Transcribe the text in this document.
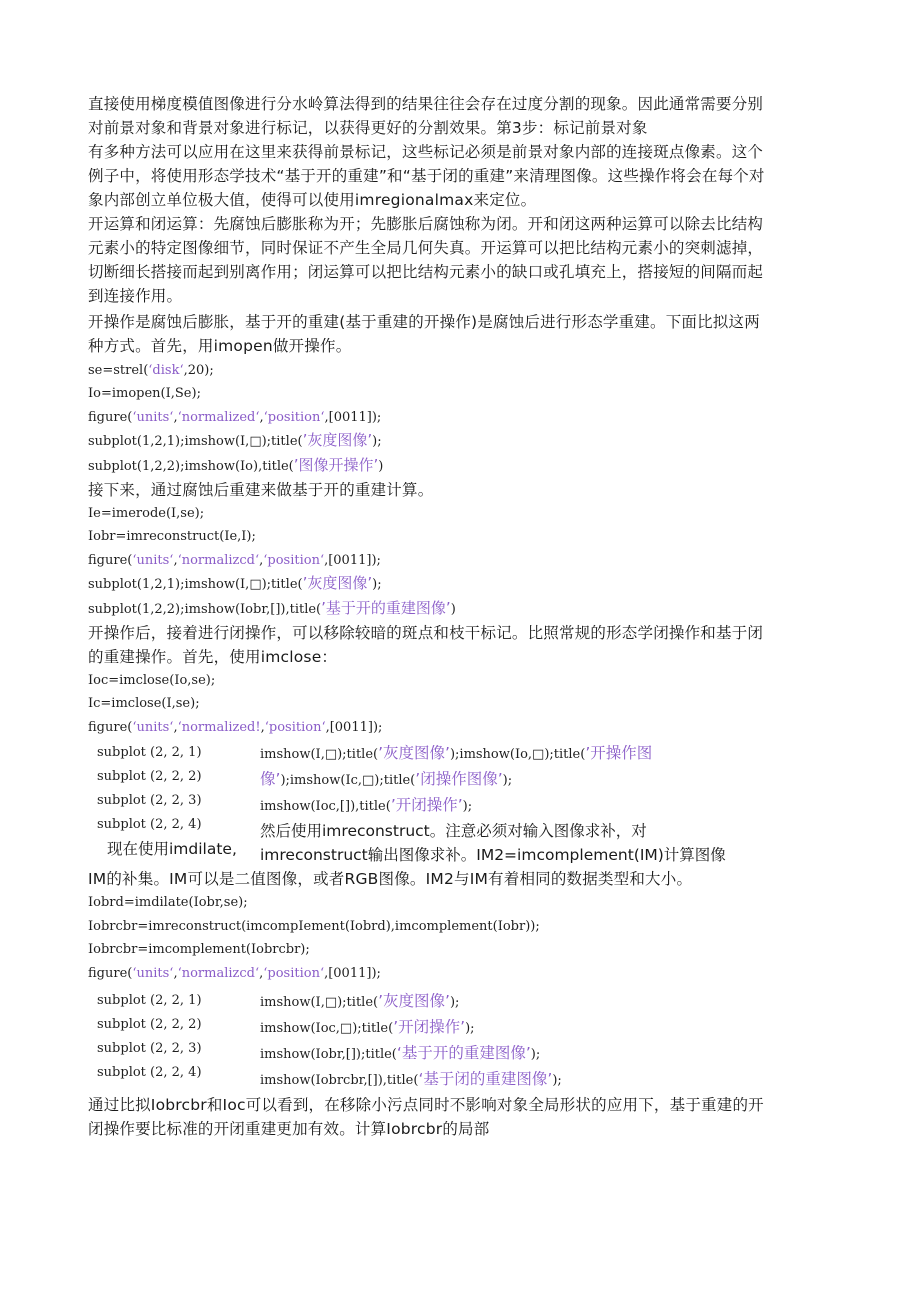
直接使用梯度模值图像进行分水岭算法得到的结果往往会存在过度分割的现象。因此通常需要分别对前景对象和背景对象进行标记，以获得更好的分割效果。第3步：标记前景对象

有多种方法可以应用在这里来获得前景标记，这些标记必须是前景对象内部的连接斑点像素。这个例子中，将使用形态学技术“基于开的重建”和“基于闭的重建”来清理图像。这些操作将会在每个对象内部创立单位极大值，使得可以使用imregionalmax来定位。

开运算和闭运算：先腐蚀后膨胀称为开；先膨胀后腐蚀称为闭。开和闭这两种运算可以除去比结构元素小的特定图像细节，同时保证不产生全局几何失真。开运算可以把比结构元素小的突刺滤掉，切断细长搭接而起到别离作用；闭运算可以把比结构元素小的缺口或孔填充上，搭接短的间隔而起到连接作用。

开操作是腐蚀后膨胀，基于开的重建(基于重建的开操作)是腐蚀后进行形态学重建。下面比拟这两种方式。首先，用imopen做开操作。

se=strel(‘disk‘,20);
Io=imopen(I,Se);
figure(‘units‘,‘normalized‘,‘position‘,[0011]);
subplot(1,2,1);imshow(I,□);title(’灰度图像’);
subplot(1,2,2);imshow(Io),title(’图像开操作’)

接下来，通过腐蚀后重建来做基于开的重建计算。

Ie=imerode(I,se);
Iobr=imreconstruct(Ie,I);
figure(‘units‘,‘normalizcd‘,‘position‘,[0011]);
subplot(1,2,1);imshow(I,□);title(’灰度图像’);
subplot(1,2,2);imshow(Iobr,[]),title(’基于开的重建图像’)

开操作后，接着进行闭操作，可以移除较暗的斑点和枝干标记。比照常规的形态学闭操作和基于闭的重建操作。首先，使用imclose：

Ioc=imclose(Io,se);
Ic=imclose(I,se);
figure(‘units‘,‘normalized!,‘position‘,[0011]);
subplot (2, 2, 1)
subplot (2, 2, 2)
subplot (2, 2, 3)
subplot (2, 2, 4)
现在使用imdilate,
imshow(I,□);title(’灰度图像’);imshow(Io,□);title(’开操作图
像’);imshow(Ic,□);title(’闭操作图像’);
imshow(Ioc,[]),title(’开闭操作’);
然后使用imreconstruct。注意必须对输入图像求补，对
imreconstruct输出图像求补。IM2=imcomplement(IM)计算图像

IM的补集。IM可以是二值图像，或者RGB图像。IM2与IM有着相同的数据类型和大小。

Iobrd=imdilate(Iobr,se);
Iobrcbr=imreconstruct(imcompIement(Iobrd),imcomplement(Iobr));
Iobrcbr=imcomplement(Iobrcbr);
figure(‘units‘,‘normalizcd‘,‘position‘,[0011]);
subplot (2, 2, 1)
subplot (2, 2, 2)
subplot (2, 2, 3)
subplot (2, 2, 4)
imshow(I,□);title(’灰度图像’);
imshow(Ioc,□);title(’开闭操作’);
imshow(Iobr,[]);title(‘基于开的重建图像’);
imshow(Iobrcbr,[]),title(‘基于闭的重建图像’);

通过比拟Iobrcbr和Ioc可以看到，在移除小污点同时不影响对象全局形状的应用下，基于重建的开闭操作要比标准的开闭重建更加有效。计算Iobrcbr的局部
